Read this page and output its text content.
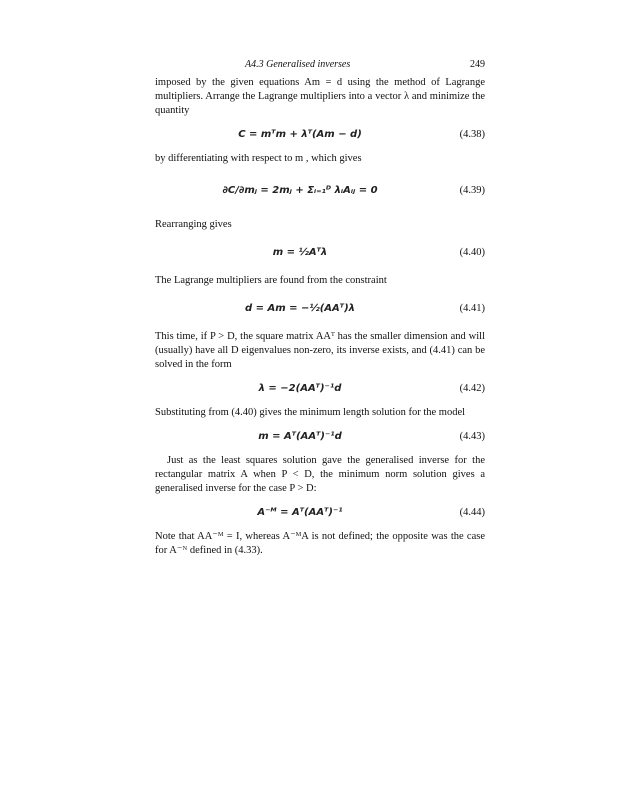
A4.3 Generalised inverses	249

imposed by the given equations Am = d using the method of Lagrange multipliers. Arrange the Lagrange multipliers into a vector λ and minimize the quantity

C = mᵀm + λᵀ(Am − d)	(4.38)

by differentiating with respect to m , which gives

∂C/∂mⱼ = 2mⱼ + Σᵢ₌₁ᴰ λᵢAᵢⱼ = 0	(4.39)

Rearranging gives

m = ½Aᵀλ	(4.40)

The Lagrange multipliers are found from the constraint

d = Am = −½(AAᵀ)λ	(4.41)

This time, if P > D, the square matrix AAᵀ has the smaller dimension and will (usually) have all D eigenvalues non-zero, its inverse exists, and (4.41) can be solved in the form

λ = −2(AAᵀ)⁻¹d	(4.42)

Substituting from (4.40) gives the minimum length solution for the model

m = Aᵀ(AAᵀ)⁻¹d	(4.43)

Just as the least squares solution gave the generalised inverse for the rectangular matrix A when P < D, the minimum norm solution gives a generalised inverse for the case P > D:

A⁻ᴹ = Aᵀ(AAᵀ)⁻¹	(4.44)

Note that AA⁻ᴹ = I, whereas A⁻ᴹA is not defined; the opposite was the case for A⁻ᴺ defined in (4.33).
